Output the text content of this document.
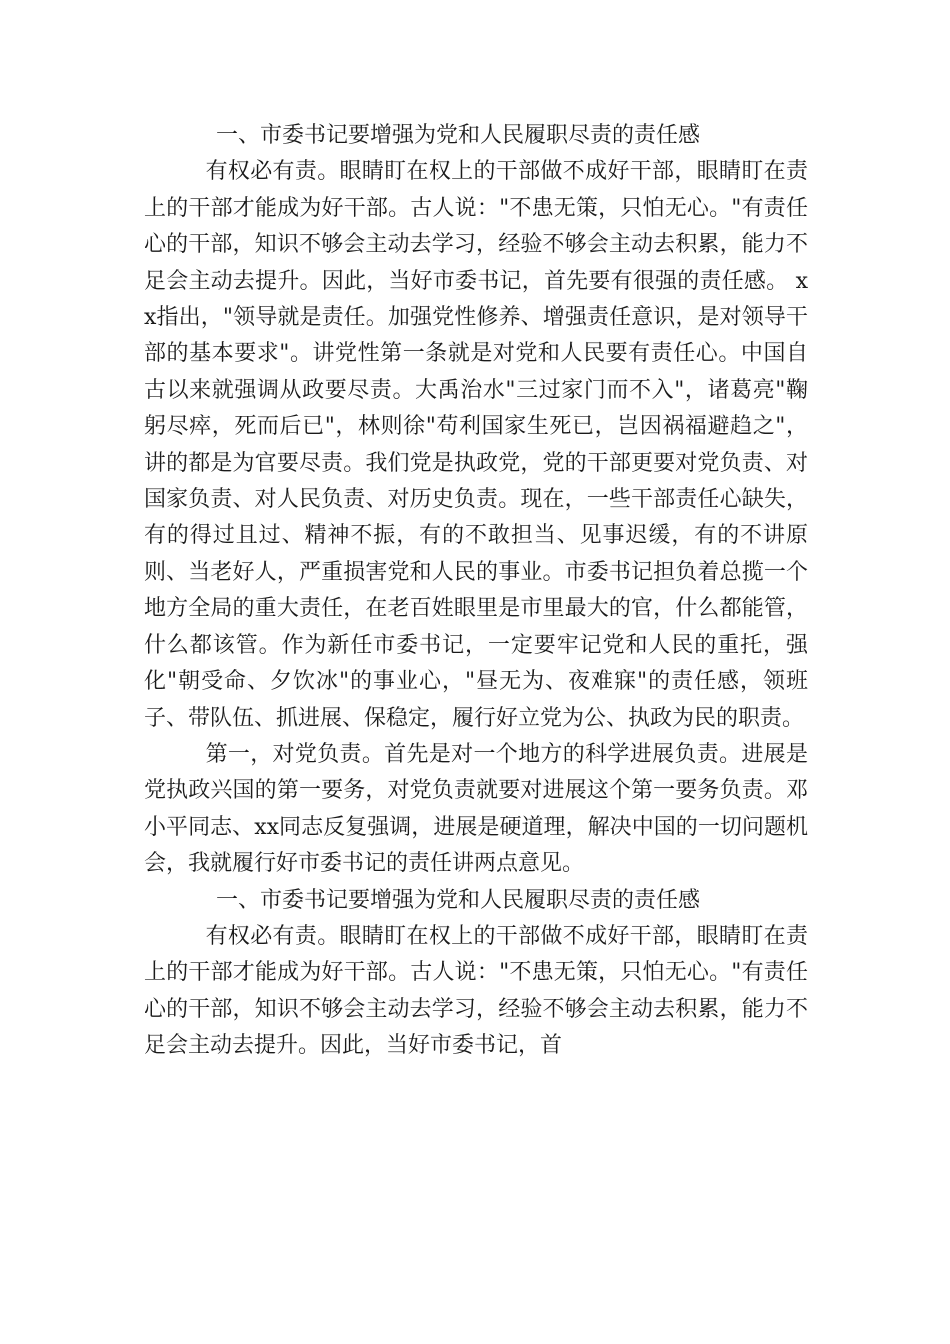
一、市委书记要增强为党和人民履职尽责的责任感

有权必有责。眼睛盯在权上的干部做不成好干部，眼睛盯在责上的干部才能成为好干部。古人说："不患无策，只怕无心。"有责任心的干部，知识不够会主动去学习，经验不够会主动去积累，能力不足会主动去提升。因此，当好市委书记，首先要有很强的责任感。 xx指出，"领导就是责任。加强党性修养、增强责任意识，是对领导干部的基本要求"。讲党性第一条就是对党和人民要有责任心。中国自古以来就强调从政要尽责。大禹治水"三过家门而不入"，诸葛亮"鞠躬尽瘁，死而后已"，林则徐"苟利国家生死已，岂因祸福避趋之"，讲的都是为官要尽责。我们党是执政党，党的干部更要对党负责、对国家负责、对人民负责、对历史负责。现在，一些干部责任心缺失，有的得过且过、精神不振，有的不敢担当、见事迟缓，有的不讲原则、当老好人，严重损害党和人民的事业。市委书记担负着总揽一个地方全局的重大责任，在老百姓眼里是市里最大的官，什么都能管，什么都该管。作为新任市委书记，一定要牢记党和人民的重托，强化"朝受命、夕饮冰"的事业心，"昼无为、夜难寐"的责任感，领班子、带队伍、抓进展、保稳定，履行好立党为公、执政为民的职责。

第一，对党负责。首先是对一个地方的科学进展负责。进展是党执政兴国的第一要务，对党负责就要对进展这个第一要务负责。邓小平同志、xx同志反复强调，进展是硬道理，解决中国的一切问题机会，我就履行好市委书记的责任讲两点意见。

一、市委书记要增强为党和人民履职尽责的责任感

有权必有责。眼睛盯在权上的干部做不成好干部，眼睛盯在责上的干部才能成为好干部。古人说："不患无策，只怕无心。"有责任心的干部，知识不够会主动去学习，经验不够会主动去积累，能力不足会主动去提升。因此，当好市委书记，首
